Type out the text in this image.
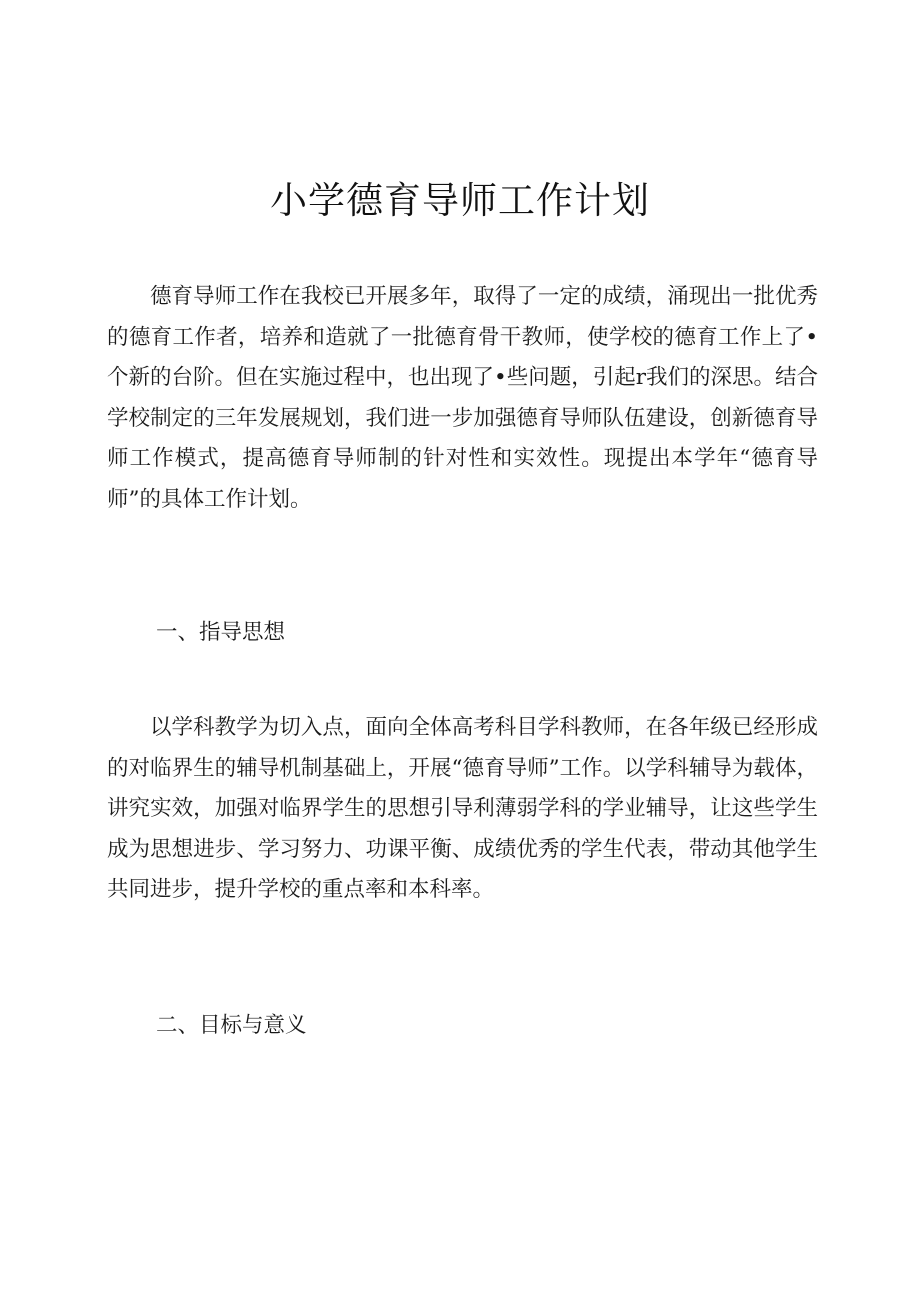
小学德育导师工作计划

德育导师工作在我校已开展多年，取得了一定的成绩，涌现出一批优秀的德育工作者，培养和造就了一批德育骨干教师，使学校的德育工作上了•个新的台阶。但在实施过程中，也出现了•些问题，引起r我们的深思。结合学校制定的三年发展规划，我们进一步加强德育导师队伍建设，创新德育导师工作模式，提高德育导师制的针对性和实效性。现提出本学年“德育导师”的具体工作计划。

一、指导思想

以学科教学为切入点，面向全体高考科目学科教师，在各年级已经形成的对临界生的辅导机制基础上，开展“德育导师”工作。以学科辅导为载体，讲究实效，加强对临界学生的思想引导利薄弱学科的学业辅导，让这些学生成为思想进步、学习努力、功课平衡、成绩优秀的学生代表，带动其他学生共同进步，提升学校的重点率和本科率。

二、目标与意义
